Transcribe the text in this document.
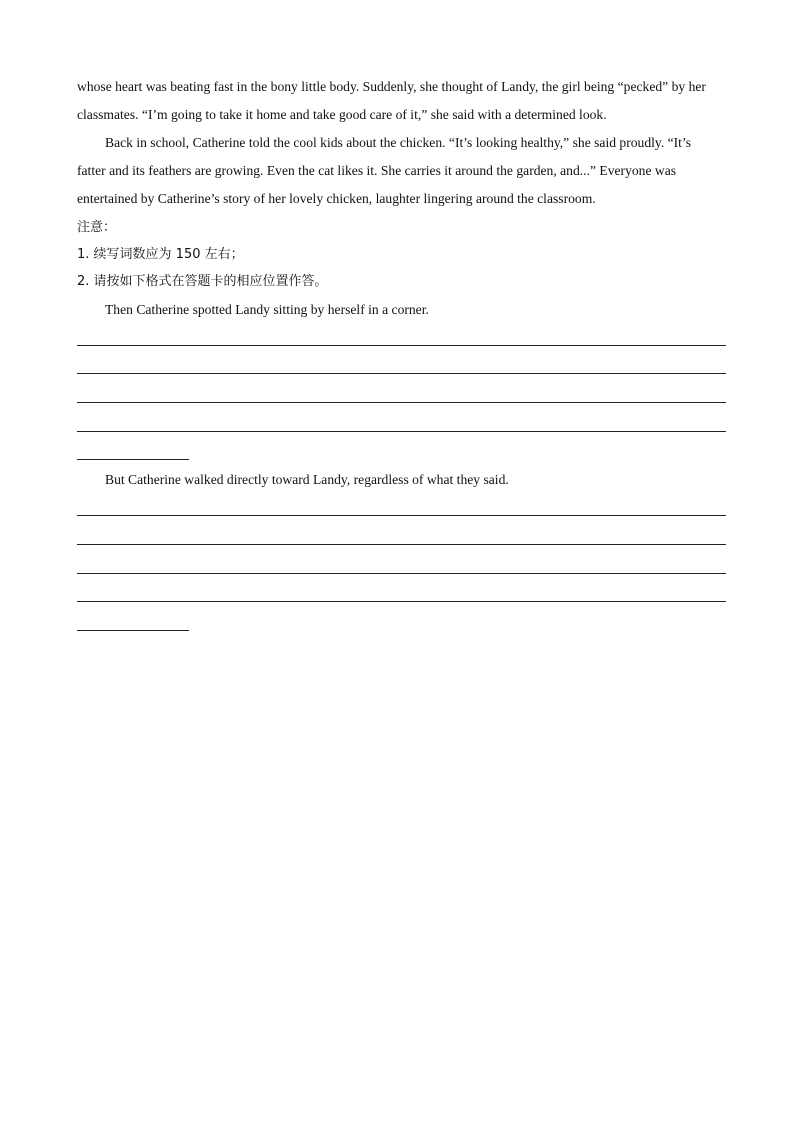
whose heart was beating fast in the bony little body. Suddenly, she thought of Landy, the girl being “pecked” by her
classmates. “I’m going to take it home and take good care of it,” she said with a determined look.
Back in school, Catherine told the cool kids about the chicken. “It’s looking healthy,” she said proudly. “It’s
fatter and its feathers are growing. Even the cat likes it. She carries it around the garden, and...” Everyone was
entertained by Catherine’s story of her lovely chicken, laughter lingering around the classroom.
注意：
1. 续写词数应为 150 左右；
2. 请按如下格式在答题卡的相应位置作答。
Then Catherine spotted Landy sitting by herself in a corner.
But Catherine walked directly toward Landy, regardless of what they said.
